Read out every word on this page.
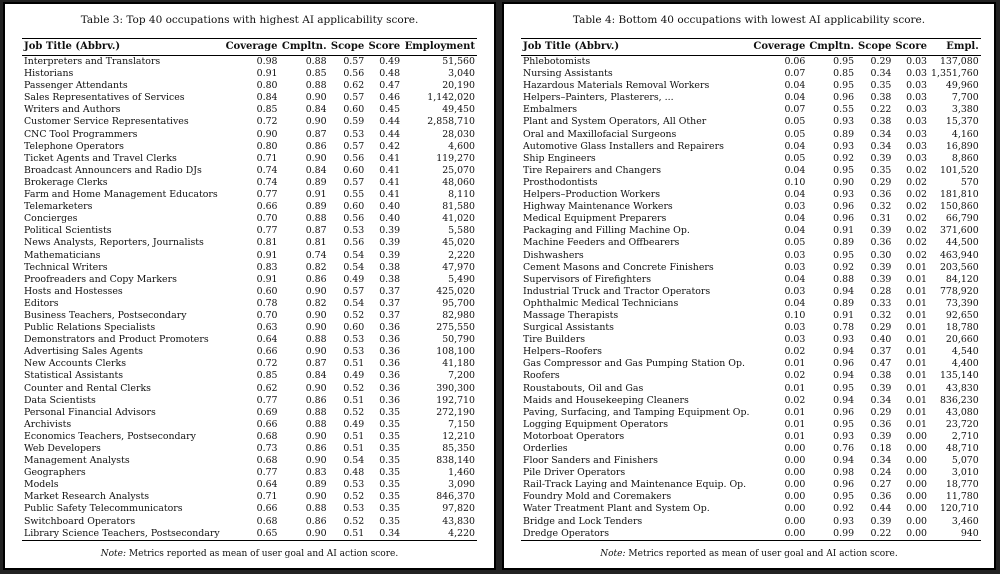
Table 3: Top 40 occupations with highest AI applicability score.
Job Title (Abbrv.)	Coverage	Cmpltn.	Scope	Score	Employment
Interpreters and Translators	0.98	0.88	0.57	0.49	51,560
Historians	0.91	0.85	0.56	0.48	3,040
Passenger Attendants	0.80	0.88	0.62	0.47	20,190
Sales Representatives of Services	0.84	0.90	0.57	0.46	1,142,020
Writers and Authors	0.85	0.84	0.60	0.45	49,450
Customer Service Representatives	0.72	0.90	0.59	0.44	2,858,710
CNC Tool Programmers	0.90	0.87	0.53	0.44	28,030
Telephone Operators	0.80	0.86	0.57	0.42	4,600
Ticket Agents and Travel Clerks	0.71	0.90	0.56	0.41	119,270
Broadcast Announcers and Radio DJs	0.74	0.84	0.60	0.41	25,070
Brokerage Clerks	0.74	0.89	0.57	0.41	48,060
Farm and Home Management Educators	0.77	0.91	0.55	0.41	8,110
Telemarketers	0.66	0.89	0.60	0.40	81,580
Concierges	0.70	0.88	0.56	0.40	41,020
Political Scientists	0.77	0.87	0.53	0.39	5,580
News Analysts, Reporters, Journalists	0.81	0.81	0.56	0.39	45,020
Mathematicians	0.91	0.74	0.54	0.39	2,220
Technical Writers	0.83	0.82	0.54	0.38	47,970
Proofreaders and Copy Markers	0.91	0.86	0.49	0.38	5,490
Hosts and Hostesses	0.60	0.90	0.57	0.37	425,020
Editors	0.78	0.82	0.54	0.37	95,700
Business Teachers, Postsecondary	0.70	0.90	0.52	0.37	82,980
Public Relations Specialists	0.63	0.90	0.60	0.36	275,550
Demonstrators and Product Promoters	0.64	0.88	0.53	0.36	50,790
Advertising Sales Agents	0.66	0.90	0.53	0.36	108,100
New Accounts Clerks	0.72	0.87	0.51	0.36	41,180
Statistical Assistants	0.85	0.84	0.49	0.36	7,200
Counter and Rental Clerks	0.62	0.90	0.52	0.36	390,300
Data Scientists	0.77	0.86	0.51	0.36	192,710
Personal Financial Advisors	0.69	0.88	0.52	0.35	272,190
Archivists	0.66	0.88	0.49	0.35	7,150
Economics Teachers, Postsecondary	0.68	0.90	0.51	0.35	12,210
Web Developers	0.73	0.86	0.51	0.35	85,350
Management Analysts	0.68	0.90	0.54	0.35	838,140
Geographers	0.77	0.83	0.48	0.35	1,460
Models	0.64	0.89	0.53	0.35	3,090
Market Research Analysts	0.71	0.90	0.52	0.35	846,370
Public Safety Telecommunicators	0.66	0.88	0.53	0.35	97,820
Switchboard Operators	0.68	0.86	0.52	0.35	43,830
Library Science Teachers, Postsecondary	0.65	0.90	0.51	0.34	4,220
Note: Metrics reported as mean of user goal and AI action score.
Table 4: Bottom 40 occupations with lowest AI applicability score.
Job Title (Abbrv.)	Coverage	Cmpltn.	Scope	Score	Empl.
Phlebotomists	0.06	0.95	0.29	0.03	137,080
Nursing Assistants	0.07	0.85	0.34	0.03	1,351,760
Hazardous Materials Removal Workers	0.04	0.95	0.35	0.03	49,960
Helpers–Painters, Plasterers, ...	0.04	0.96	0.38	0.03	7,700
Embalmers	0.07	0.55	0.22	0.03	3,380
Plant and System Operators, All Other	0.05	0.93	0.38	0.03	15,370
Oral and Maxillofacial Surgeons	0.05	0.89	0.34	0.03	4,160
Automotive Glass Installers and Repairers	0.04	0.93	0.34	0.03	16,890
Ship Engineers	0.05	0.92	0.39	0.03	8,860
Tire Repairers and Changers	0.04	0.95	0.35	0.02	101,520
Prosthodontists	0.10	0.90	0.29	0.02	570
Helpers–Production Workers	0.04	0.93	0.36	0.02	181,810
Highway Maintenance Workers	0.03	0.96	0.32	0.02	150,860
Medical Equipment Preparers	0.04	0.96	0.31	0.02	66,790
Packaging and Filling Machine Op.	0.04	0.91	0.39	0.02	371,600
Machine Feeders and Offbearers	0.05	0.89	0.36	0.02	44,500
Dishwashers	0.03	0.95	0.30	0.02	463,940
Cement Masons and Concrete Finishers	0.03	0.92	0.39	0.01	203,560
Supervisors of Firefighters	0.04	0.88	0.39	0.01	84,120
Industrial Truck and Tractor Operators	0.03	0.94	0.28	0.01	778,920
Ophthalmic Medical Technicians	0.04	0.89	0.33	0.01	73,390
Massage Therapists	0.10	0.91	0.32	0.01	92,650
Surgical Assistants	0.03	0.78	0.29	0.01	18,780
Tire Builders	0.03	0.93	0.40	0.01	20,660
Helpers–Roofers	0.02	0.94	0.37	0.01	4,540
Gas Compressor and Gas Pumping Station Op.	0.01	0.96	0.47	0.01	4,400
Roofers	0.02	0.94	0.38	0.01	135,140
Roustabouts, Oil and Gas	0.01	0.95	0.39	0.01	43,830
Maids and Housekeeping Cleaners	0.02	0.94	0.34	0.01	836,230
Paving, Surfacing, and Tamping Equipment Op.	0.01	0.96	0.29	0.01	43,080
Logging Equipment Operators	0.01	0.95	0.36	0.01	23,720
Motorboat Operators	0.01	0.93	0.39	0.00	2,710
Orderlies	0.00	0.76	0.18	0.00	48,710
Floor Sanders and Finishers	0.00	0.94	0.34	0.00	5,070
Pile Driver Operators	0.00	0.98	0.24	0.00	3,010
Rail-Track Laying and Maintenance Equip. Op.	0.00	0.96	0.27	0.00	18,770
Foundry Mold and Coremakers	0.00	0.95	0.36	0.00	11,780
Water Treatment Plant and System Op.	0.00	0.92	0.44	0.00	120,710
Bridge and Lock Tenders	0.00	0.93	0.39	0.00	3,460
Dredge Operators	0.00	0.99	0.22	0.00	940
Note: Metrics reported as mean of user goal and AI action score.
